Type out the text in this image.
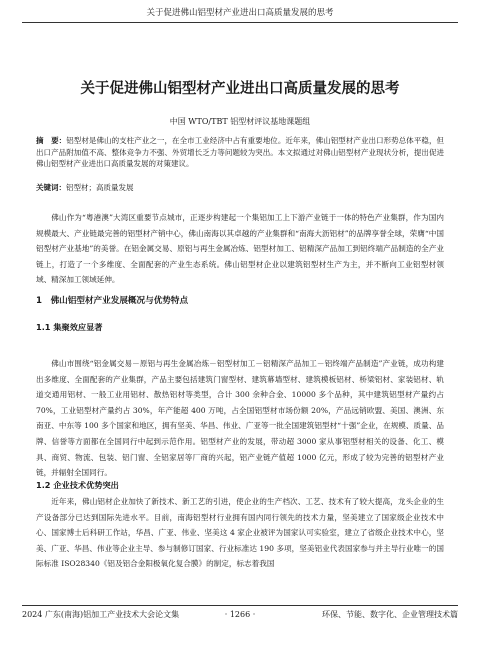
关于促进佛山铝型材产业进出口高质量发展的思考
关于促进佛山铝型材产业进出口高质量发展的思考
中国 WTO/TBT 铝型材评议基地课题组
摘　要：铝型材是佛山的支柱产业之一，在全市工业经济中占有重要地位。近年来，佛山铝型材产业出口形势总体平稳，但出口产品附加值不高、整体竞争力不强、外贸增长乏力等问题较为突出。本文拟通过对佛山铝型材产业现状分析，提出促进佛山铝型材产业进出口高质量发展的对策建议。
关键词：铝型材；高质量发展

佛山作为“粤港澳”大湾区重要节点城市，正逐步构建起一个集铝加工上下游产业链于一体的特色产业集群，作为国内规模最大、产业链最完善的铝型材产销中心，佛山南海以其卓越的产业集群和“南海大沥铝材”的品牌享誉全球，荣膺“中国铝型材产业基地”的美誉。在铝金属交易、原铝与再生金属冶炼、铝型材加工、铝精深产品加工到铝终端产品制造的全产业链上，打造了一个多维度、全面配套的产业生态系统。佛山铝型材企业以建筑铝型材生产为主，并不断向工业铝型材领域、精深加工领域延伸。

1　佛山铝型材产业发展概况与优势特点
1.1 集聚效应显著

佛山市围绕“铝金属交易－原铝与再生金属冶炼－铝型材加工－铝精深产品加工－铝终端产品制造”产业链，成功构建出多维度、全面配套的产业集群，产品主要包括建筑门窗型材、建筑幕墙型材、建筑模板铝材、桥梁铝材、家装铝材、轨道交通用铝材、一般工业用铝材、散热铝材等类型，合计 300 余种合金、10000 多个品种，其中建筑铝型材产量约占 70%，工业铝型材产量约占 30%，年产能超 400 万吨，占全国铝型材市场份额 20%，产品远销欧盟、美国、澳洲、东南亚、中东等 100 多个国家和地区，拥有坚美、华昌、伟业、广亚等一批全国建筑铝型材“十强”企业，在规模、质量、品牌、信誉等方面都在全国同行中起到示范作用。铝型材产业的发展，带动超 3000 家从事铝型材相关的设备、化工、模具、商贸、物流、包装、铝门窗、全铝家居等厂商的兴起，铝产业链产值超 1000 亿元，形成了较为完善的铝型材产业链，并辐射全国同行。

1.2 企业技术优势突出

近年来，佛山铝材企业加快了新技术、新工艺的引进，使企业的生产档次、工艺、技术有了较大提高，龙头企业的生产设备部分已达到国际先进水平。目前，南海铝型材行业拥有国内同行领先的技术力量，坚美建立了国家级企业技术中心、国家博士后科研工作站，华昌、广亚、伟业、坚美这 4 家企业被评为国家认可实验室，建立了省级企业技术中心，坚美、广亚、华昌、伟业等企业主导、参与制修订国家、行业标准达 190 多项，坚美铝业代表国家参与并主导行业唯一的国际标准 ISO28340《铝及铝合金阳极氧化复合膜》的制定，标志着我国

2024 广东(南海)铝加工产业技术大会论文集	· 1266 ·	环保、节能、数字化、企业管理技术篇
